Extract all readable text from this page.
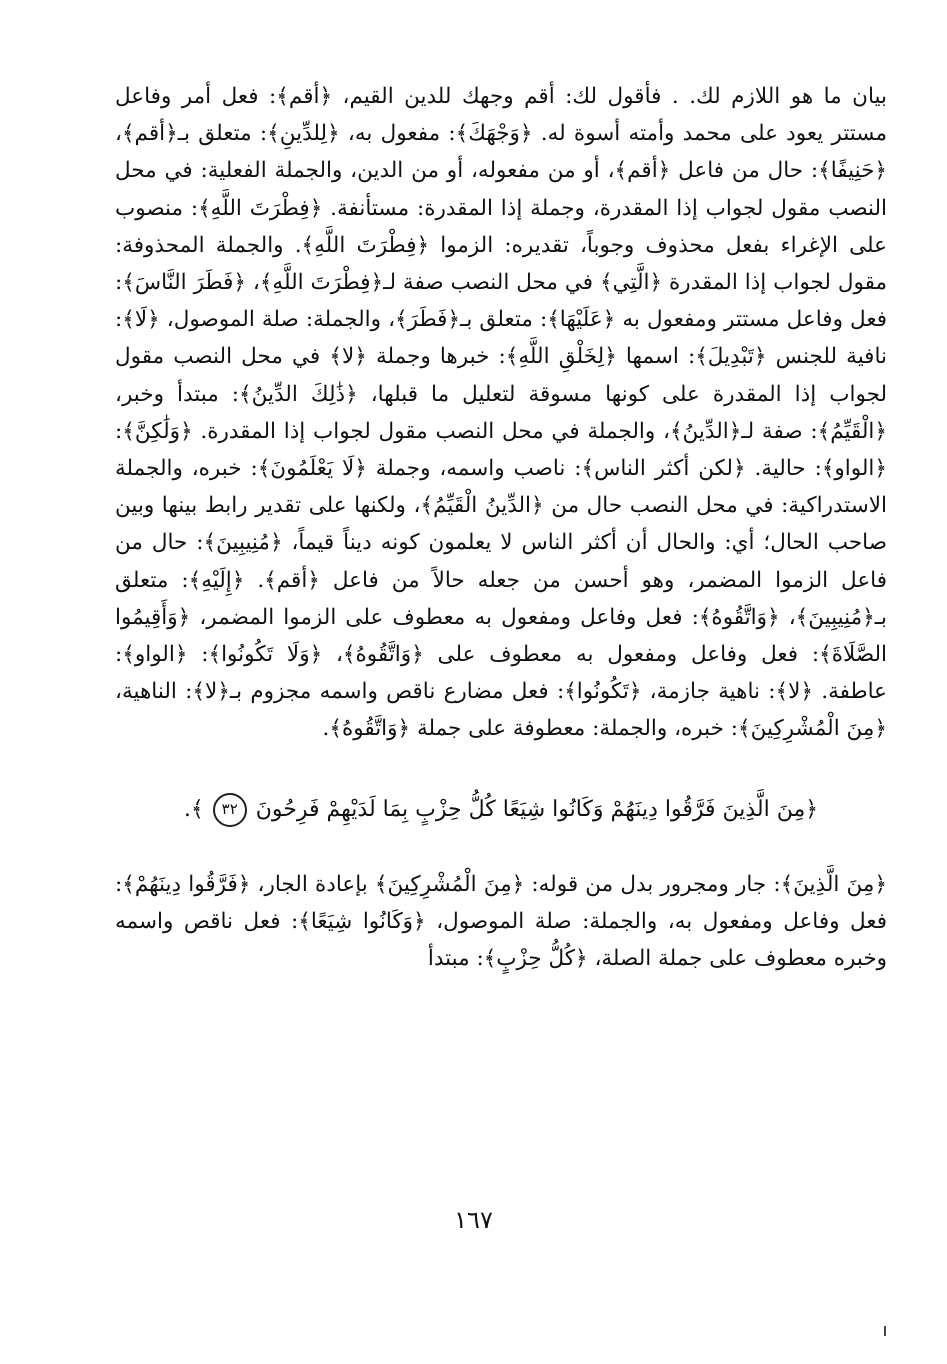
بيان ما هو اللازم لك. . فأقول لك: أقم وجهك للدين القيم، ﴿أقم﴾: فعل أمر وفاعل مستتر يعود على محمد وأمته أسوة له. ﴿وَجْهَكَ﴾: مفعول به، ﴿لِلدِّينِ﴾: متعلق بـ﴿أقم﴾، ﴿حَنِيفًا﴾: حال من فاعل ﴿أقم﴾، أو من مفعوله، أو من الدين، والجملة الفعلية: في محل النصب مقول لجواب إذا المقدرة، وجملة إذا المقدرة: مستأنفة. ﴿فِطْرَتَ اللَّهِ﴾: منصوب على الإغراء بفعل محذوف وجوباً، تقديره: الزموا ﴿فِطْرَتَ اللَّهِ﴾. والجملة المحذوفة: مقول لجواب إذا المقدرة ﴿الَّتِي﴾ في محل النصب صفة لـ﴿فِطْرَتَ اللَّهِ﴾، ﴿فَطَرَ النَّاسَ﴾: فعل وفاعل مستتر ومفعول به ﴿عَلَيْهَا﴾: متعلق بـ﴿فَطَرَ﴾، والجملة: صلة الموصول، ﴿لَا﴾: نافية للجنس ﴿تَبْدِيلَ﴾: اسمها ﴿لِخَلْقِ اللَّهِ﴾: خبرها وجملة ﴿لا﴾ في محل النصب مقول لجواب إذا المقدرة على كونها مسوقة لتعليل ما قبلها، ﴿ذَٰلِكَ الدِّينُ﴾: مبتدأ وخبر، ﴿الْقَيِّمُ﴾: صفة لـ﴿الدِّينُ﴾، والجملة في محل النصب مقول لجواب إذا المقدرة. ﴿وَلَٰكِنَّ﴾: ﴿الواو﴾: حالية. ﴿لكن أكثر الناس﴾: ناصب واسمه، وجملة ﴿لَا يَعْلَمُونَ﴾: خبره، والجملة الاستدراكية: في محل النصب حال من ﴿الدِّينُ الْقَيِّمُ﴾، ولكنها على تقدير رابط بينها وبين صاحب الحال؛ أي: والحال أن أكثر الناس لا يعلمون كونه ديناً قيماً، ﴿مُنِيبِينَ﴾: حال من فاعل الزموا المضمر، وهو أحسن من جعله حالاً من فاعل ﴿أقم﴾. ﴿إِلَيْهِ﴾: متعلق بـ﴿مُنِيبِينَ﴾، ﴿وَاتَّقُوهُ﴾: فعل وفاعل ومفعول به معطوف على الزموا المضمر، ﴿وَأَقِيمُوا الصَّلَاةَ﴾: فعل وفاعل ومفعول به معطوف على ﴿وَاتَّقُوهُ﴾، ﴿وَلَا تَكُونُوا﴾: ﴿الواو﴾: عاطفة. ﴿لا﴾: ناهية جازمة، ﴿تَكُونُوا﴾: فعل مضارع ناقص واسمه مجزوم بـ﴿لا﴾: الناهية، ﴿مِنَ الْمُشْرِكِينَ﴾: خبره، والجملة: معطوفة على جملة ﴿وَاتَّقُوهُ﴾.

﴿مِنَ الَّذِينَ فَرَّقُوا دِينَهُمْ وَكَانُوا شِيَعًا كُلُّ حِزْبٍ بِمَا لَدَيْهِمْ فَرِحُونَ ٣٢ ﴾.

﴿مِنَ الَّذِينَ﴾: جار ومجرور بدل من قوله: ﴿مِنَ الْمُشْرِكِينَ﴾ بإعادة الجار، ﴿فَرَّقُوا دِينَهُمْ﴾: فعل وفاعل ومفعول به، والجملة: صلة الموصول، ﴿وَكَانُوا شِيَعًا﴾: فعل ناقص واسمه وخبره معطوف على جملة الصلة، ﴿كُلُّ حِزْبٍ﴾: مبتدأ

١٦٧
